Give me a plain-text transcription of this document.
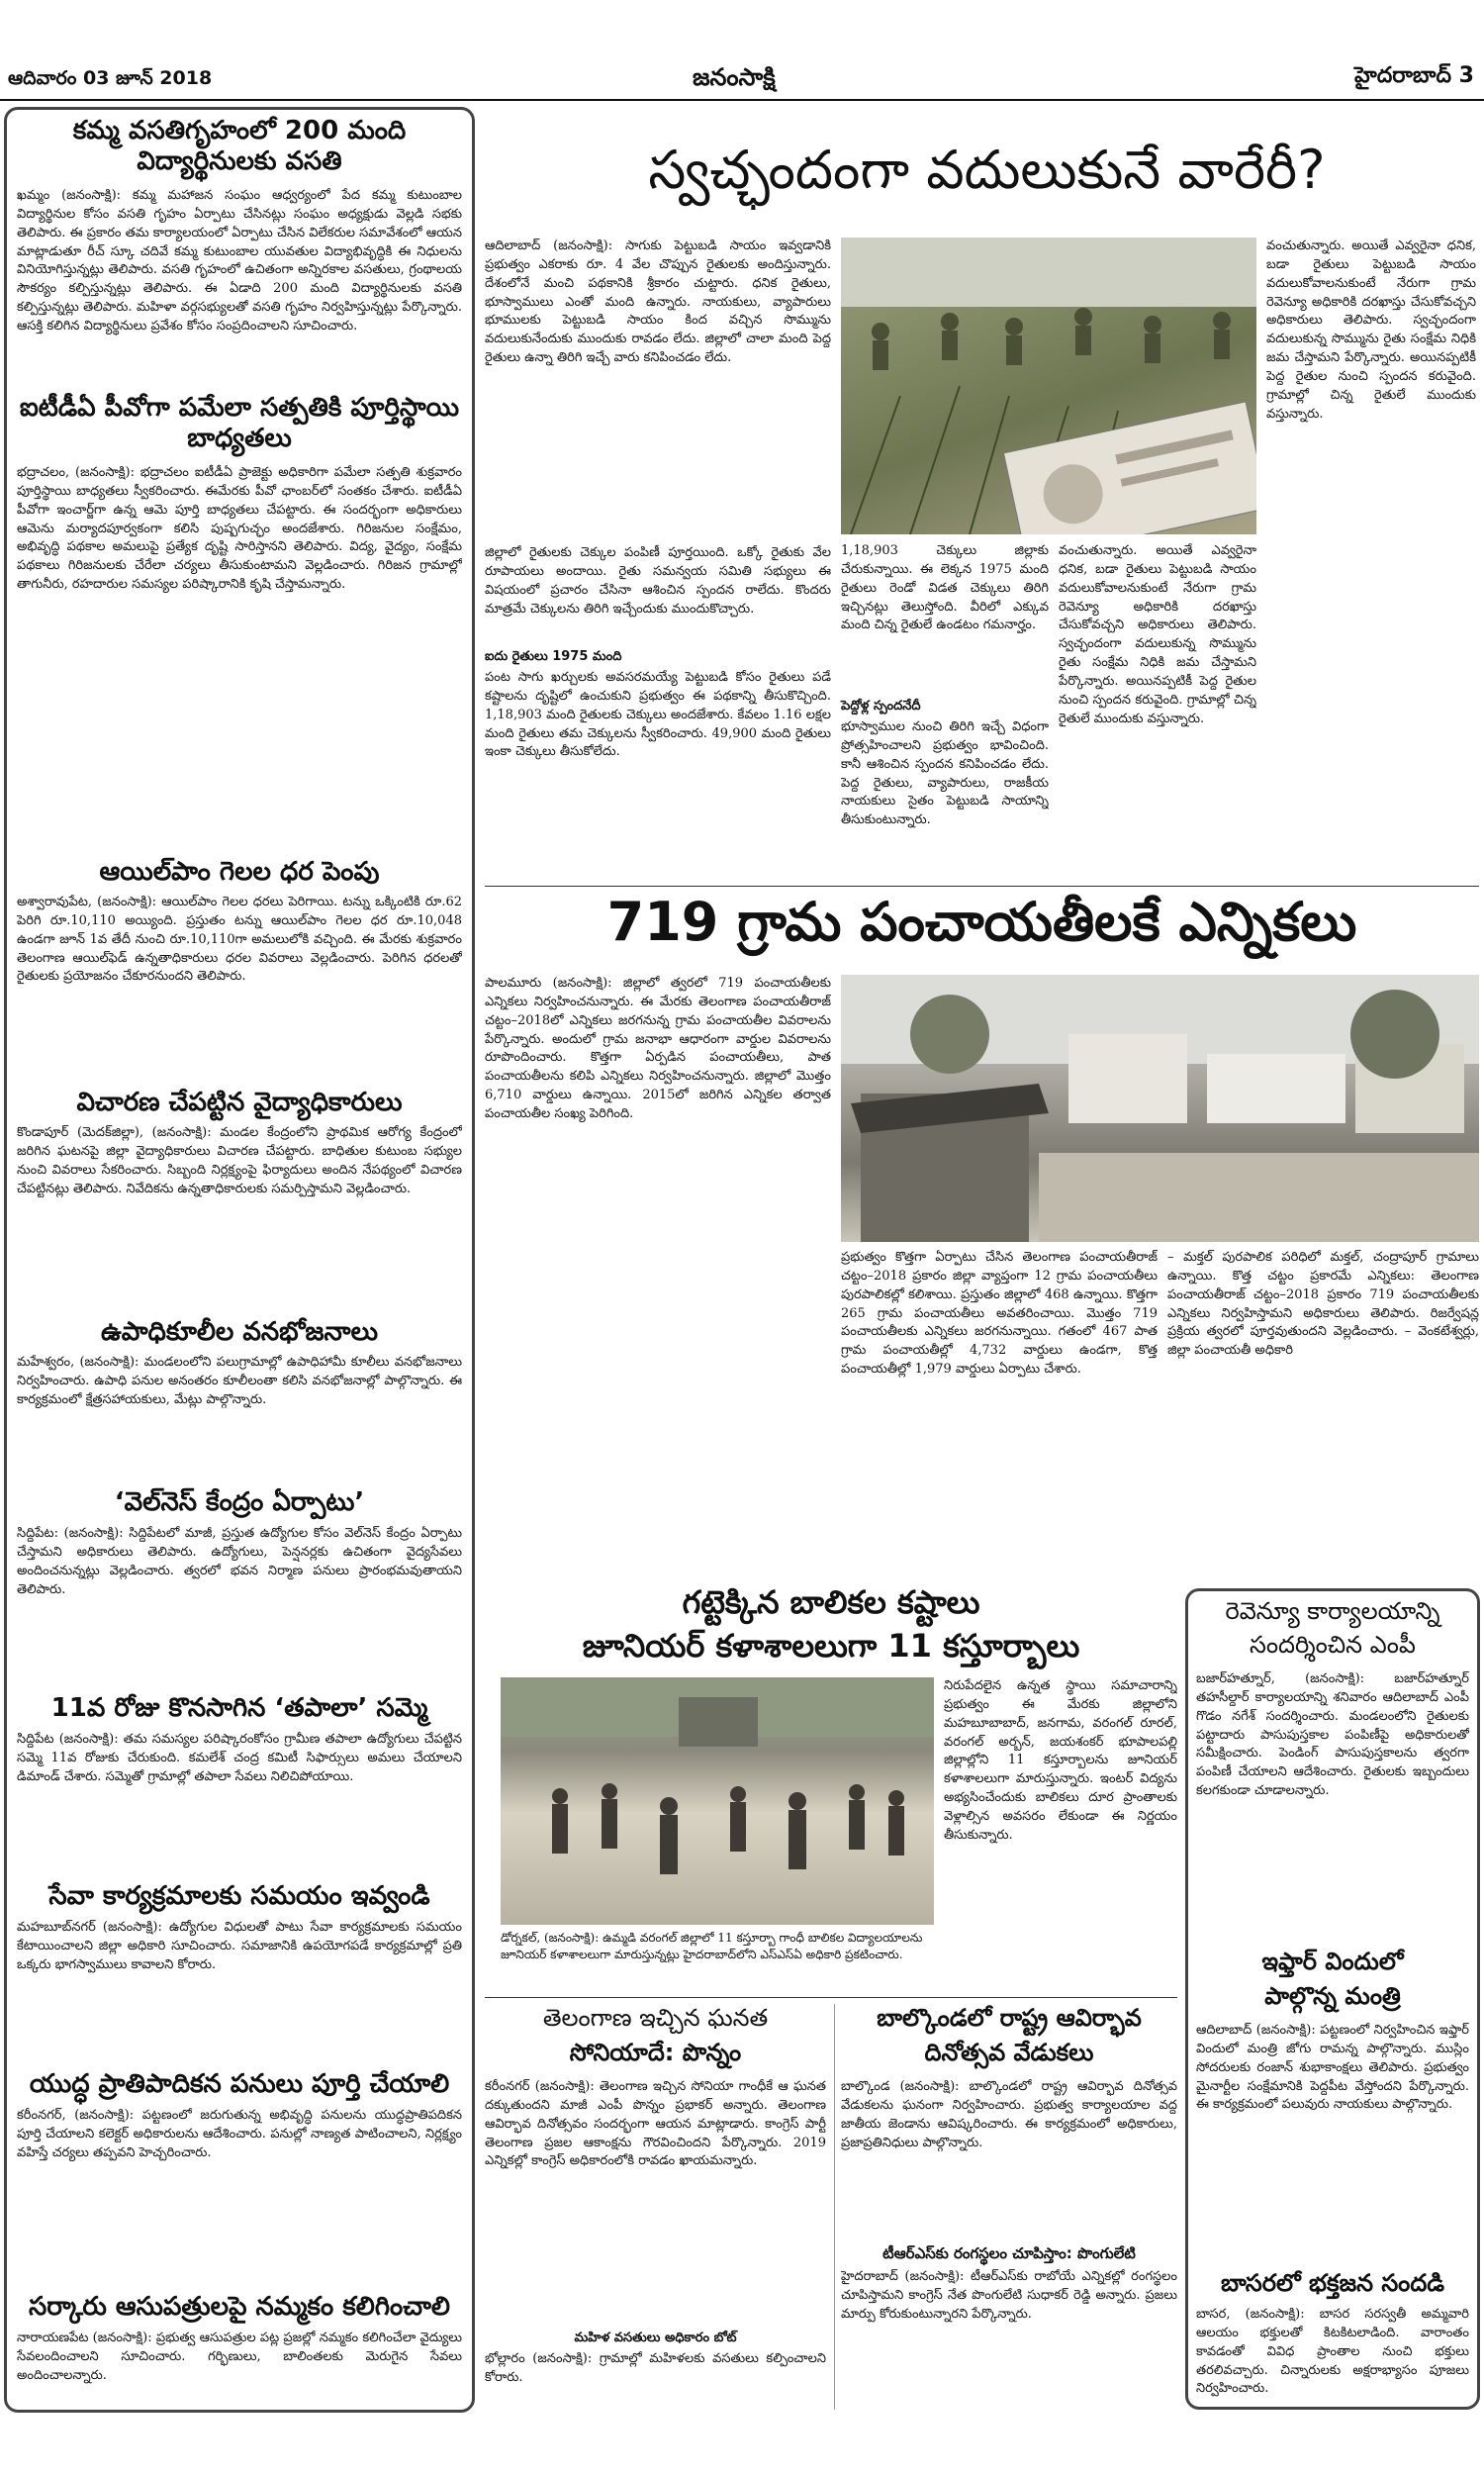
ఆదివారం 03 జూన్ 2018	జనంసాక్షి	హైదరాబాద్ 3
కమ్మ వసతిగృహంలో 200 మంది విద్యార్థినులకు వసతి
ఖమ్మం (జనంసాక్షి): కమ్మ మహాజన సంఘం ఆధ్వర్యంలో పేద కమ్మ కుటుంబాల విద్యార్థినుల కోసం వసతి గృహం ఏర్పాటు చేసినట్లు సంఘం అధ్యక్షుడు వెల్లడి సభకు తెలిపారు. ఈ ప్రకారం తమ కార్యాలయంలో ఏర్పాటు చేసిన విలేకరుల సమావేశంలో ఆయన మాట్లాడుతూ రీచ్ స్కూ చదివే కమ్మ కుటుంబాల యువతుల విద్యాభివృద్ధికి ఈ నిధులను వినియోగిస్తున్నట్లు తెలిపారు. వసతి గృహంలో ఉచితంగా అన్నిరకాల వసతులు, గ్రంథాలయ సౌకర్యం కల్పిస్తున్నట్లు తెలిపారు. ఈ ఏడాది 200 మంది విద్యార్థినులకు వసతి కల్పిస్తున్నట్లు తెలిపారు. మహిళా వర్గసభ్యులతో వసతి గృహం నిర్వహిస్తున్నట్లు పేర్కొన్నారు. ఆసక్తి కలిగిన విద్యార్థినులు ప్రవేశం కోసం సంప్రదించాలని సూచించారు.
ఐటీడీఏ పీవోగా పమేలా సత్పతికి పూర్తిస్థాయి బాధ్యతలు
భద్రాచలం, (జనంసాక్షి): భద్రాచలం ఐటీడీఏ ప్రాజెక్టు అధికారిగా పమేలా సత్పతి శుక్రవారం పూర్తిస్థాయి బాధ్యతలు స్వీకరించారు. ఈమేరకు పీవో ఛాంబర్‌లో సంతకం చేశారు. ఐటీడీఏ పీవోగా ఇంచార్జ్‌గా ఉన్న ఆమె పూర్తి బాధ్యతలు చేపట్టారు. ఈ సందర్భంగా అధికారులు ఆమెను మర్యాదపూర్వకంగా కలిసి పుష్పగుచ్ఛం అందజేశారు. గిరిజనుల సంక్షేమం, అభివృద్ధి పథకాల అమలుపై ప్రత్యేక దృష్టి సారిస్తానని తెలిపారు. విద్య, వైద్యం, సంక్షేమ పథకాలు గిరిజనులకు చేరేలా చర్యలు తీసుకుంటామని వెల్లడించారు. గిరిజన గ్రామాల్లో తాగునీరు, రహదారుల సమస్యల పరిష్కారానికి కృషి చేస్తామన్నారు.
ఆయిల్‌పాం గెలల ధర పెంపు
అశ్వారావుపేట, (జనంసాక్షి): ఆయిల్‌పాం గెలల ధరలు పెరిగాయి. టన్ను ఒక్కింటికి రూ.62 పెరిగి రూ.10,110 అయ్యింది. ప్రస్తుతం టన్ను ఆయిల్‌పాం గెలల ధర రూ.10,048 ఉండగా జూన్ 1వ తేదీ నుంచి రూ.10,110గా అమలులోకి వచ్చింది. ఈ మేరకు శుక్రవారం తెలంగాణ ఆయిల్‌ఫెడ్ ఉన్నతాధికారులు ధరల వివరాలు వెల్లడించారు. పెరిగిన ధరలతో రైతులకు ప్రయోజనం చేకూరనుందని తెలిపారు.
విచారణ చేపట్టిన వైద్యాధికారులు
కొండాపూర్ (మెదక్‌జిల్లా), (జనంసాక్షి): మండల కేంద్రంలోని ప్రాథమిక ఆరోగ్య కేంద్రంలో జరిగిన ఘటనపై జిల్లా వైద్యాధికారులు విచారణ చేపట్టారు. బాధితుల కుటుంబ సభ్యుల నుంచి వివరాలు సేకరించారు. సిబ్బంది నిర్లక్ష్యంపై ఫిర్యాదులు అందిన నేపథ్యంలో విచారణ చేపట్టినట్లు తెలిపారు. నివేదికను ఉన్నతాధికారులకు సమర్పిస్తామని వెల్లడించారు.
ఉపాధికూలీల వనభోజనాలు
మహేశ్వరం, (జనంసాక్షి): మండలంలోని పలుగ్రామాల్లో ఉపాధిహామీ కూలీలు వనభోజనాలు నిర్వహించారు. ఉపాధి పనుల అనంతరం కూలీలంతా కలిసి వనభోజనాల్లో పాల్గొన్నారు. ఈ కార్యక్రమంలో క్షేత్రసహాయకులు, మేట్లు పాల్గొన్నారు.
‘వెల్‌నెస్ కేంద్రం ఏర్పాటు’
సిద్దిపేట: (జనంసాక్షి): సిద్దిపేటలో మాజీ, ప్రస్తుత ఉద్యోగుల కోసం వెల్‌నెస్ కేంద్రం ఏర్పాటు చేస్తామని అధికారులు తెలిపారు. ఉద్యోగులు, పెన్షనర్లకు ఉచితంగా వైద్యసేవలు అందించనున్నట్లు వెల్లడించారు. త్వరలో భవన నిర్మాణ పనులు ప్రారంభమవుతాయని తెలిపారు.
11వ రోజు కొనసాగిన ‘తపాలా’ సమ్మె
సిద్దిపేట (జనంసాక్షి): తమ సమస్యల పరిష్కారంకోసం గ్రామీణ తపాలా ఉద్యోగులు చేపట్టిన సమ్మె 11వ రోజుకు చేరుకుంది. కమలేశ్ చంద్ర కమిటీ సిఫార్సులు అమలు చేయాలని డిమాండ్ చేశారు. సమ్మెతో గ్రామాల్లో తపాలా సేవలు నిలిచిపోయాయి.
సేవా కార్యక్రమాలకు సమయం ఇవ్వండి
మహబూబ్‌నగర్ (జనంసాక్షి): ఉద్యోగుల విధులతో పాటు సేవా కార్యక్రమాలకు సమయం కేటాయించాలని జిల్లా అధికారి సూచించారు. సమాజానికి ఉపయోగపడే కార్యక్రమాల్లో ప్రతి ఒక్కరు భాగస్వాములు కావాలని కోరారు.
యుద్ధ ప్రాతిపాదికన పనులు పూర్తి చేయాలి
కరీంనగర్, (జనంసాక్షి): పట్టణంలో జరుగుతున్న అభివృద్ధి పనులను యుద్ధప్రాతిపదికన పూర్తి చేయాలని కలెక్టర్ అధికారులను ఆదేశించారు. పనుల్లో నాణ్యత పాటించాలని, నిర్లక్ష్యం వహిస్తే చర్యలు తప్పవని హెచ్చరించారు.
సర్కారు ఆసుపత్రులపై నమ్మకం కలిగించాలి
నారాయణపేట (జనంసాక్షి): ప్రభుత్వ ఆసుపత్రుల పట్ల ప్రజల్లో నమ్మకం కలిగించేలా వైద్యులు సేవలందించాలని సూచించారు. గర్భిణులు, బాలింతలకు మెరుగైన సేవలు అందించాలన్నారు.
స్వచ్ఛందంగా వదులుకునే వారేరీ?
ఆదిలాబాద్ (జనంసాక్షి): సాగుకు పెట్టుబడి సాయం ఇవ్వడానికి ప్రభుత్వం ఎకరాకు రూ. 4 వేల చొప్పున రైతులకు అందిస్తున్నారు. దేశంలోనే మంచి పథకానికి శ్రీకారం చుట్టారు. ధనిక రైతులు, భూస్వాములు ఎంతో మంది ఉన్నారు. నాయకులు, వ్యాపారులు భూములకు పెట్టుబడి సాయం కింద వచ్చిన సొమ్మును వదులుకునేందుకు ముందుకు రావడం లేదు. జిల్లాలో చాలా మంది పెద్ద రైతులు ఉన్నా తిరిగి ఇచ్చే వారు కనిపించడం లేదు.
జిల్లాలో రైతులకు చెక్కుల పంపిణీ పూర్తయింది. ఒక్కో రైతుకు వేల రూపాయలు అందాయి. రైతు సమన్వయ సమితి సభ్యులు ఈ విషయంలో ప్రచారం చేసినా ఆశించిన స్పందన రాలేదు. కొందరు మాత్రమే చెక్కులను తిరిగి ఇచ్చేందుకు ముందుకొచ్చారు.
ఐదు రైతులు 1975 మంది
పంట సాగు ఖర్చులకు అవసరమయ్యే పెట్టుబడి కోసం రైతులు పడే కష్టాలను దృష్టిలో ఉంచుకుని ప్రభుత్వం ఈ పథకాన్ని తీసుకొచ్చింది. 1,18,903 మంది రైతులకు చెక్కులు అందజేశారు. కేవలం 1.16 లక్షల మంది రైతులు తమ చెక్కులను స్వీకరించారు. 49,900 మంది రైతులు ఇంకా చెక్కులు తీసుకోలేదు.
1,18,903 చెక్కులు జిల్లాకు చేరుకున్నాయి. ఈ లెక్కన 1975 మంది రైతులు రెండో విడత చెక్కులు తిరిగి ఇచ్చినట్లు తెలుస్తోంది. వీరిలో ఎక్కువ మంది చిన్న రైతులే ఉండటం గమనార్హం.
పెద్దోళ్ల స్పందనేదీ
భూస్వాముల నుంచి తిరిగి ఇచ్చే విధంగా ప్రోత్సహించాలని ప్రభుత్వం భావించింది. కానీ ఆశించిన స్పందన కనిపించడం లేదు. పెద్ద రైతులు, వ్యాపారులు, రాజకీయ నాయకులు సైతం పెట్టుబడి సాయాన్ని తీసుకుంటున్నారు.
వంచుతున్నారు. అయితే ఎవ్వరైనా ధనిక, బడా రైతులు పెట్టుబడి సాయం వదులుకోవాలనుకుంటే నేరుగా గ్రామ రెవెన్యూ అధికారికి దరఖాస్తు చేసుకోవచ్చని అధికారులు తెలిపారు. స్వచ్ఛందంగా వదులుకున్న సొమ్మును రైతు సంక్షేమ నిధికి జమ చేస్తామని పేర్కొన్నారు. అయినప్పటికీ పెద్ద రైతుల నుంచి స్పందన కరువైంది. గ్రామాల్లో చిన్న రైతులే ముందుకు వస్తున్నారు.
వంచుతున్నారు. అయితే ఎవ్వరైనా ధనిక, బడా రైతులు పెట్టుబడి సాయం వదులుకోవాలనుకుంటే నేరుగా గ్రామ రెవెన్యూ అధికారికి దరఖాస్తు చేసుకోవచ్చని అధికారులు తెలిపారు. స్వచ్ఛందంగా వదులుకున్న సొమ్మును రైతు సంక్షేమ నిధికి జమ చేస్తామని పేర్కొన్నారు. అయినప్పటికీ పెద్ద రైతుల నుంచి స్పందన కరువైంది. గ్రామాల్లో చిన్న రైతులే ముందుకు వస్తున్నారు.
719 గ్రామ పంచాయతీలకే ఎన్నికలు
పాలమూరు (జనంసాక్షి): జిల్లాలో త్వరలో 719 పంచాయతీలకు ఎన్నికలు నిర్వహించనున్నారు. ఈ మేరకు తెలంగాణ పంచాయతీరాజ్ చట్టం–2018లో ఎన్నికలు జరగనున్న గ్రామ పంచాయతీల వివరాలను పేర్కొన్నారు. అందులో గ్రామ జనాభా ఆధారంగా వార్డుల వివరాలను రూపొందించారు. కొత్తగా ఏర్పడిన పంచాయతీలు, పాత పంచాయతీలను కలిపి ఎన్నికలు నిర్వహించనున్నారు. జిల్లాలో మొత్తం 6,710 వార్డులు ఉన్నాయి. 2015లో జరిగిన ఎన్నికల తర్వాత పంచాయతీల సంఖ్య పెరిగింది.
ప్రభుత్వం కొత్తగా ఏర్పాటు చేసిన తెలంగాణ పంచాయతీరాజ్ చట్టం–2018 ప్రకారం జిల్లా వ్యాప్తంగా 12 గ్రామ పంచాయతీలు పురపాలికల్లో కలిశాయి. ప్రస్తుతం జిల్లాలో 468 ఉన్నాయి. కొత్తగా 265 గ్రామ పంచాయతీలు అవతరించాయి. మొత్తం 719 పంచాయతీలకు ఎన్నికలు జరగనున్నాయి. గతంలో 467 పాత గ్రామ పంచాయతీల్లో 4,732 వార్డులు ఉండగా, కొత్త పంచాయతీల్లో 1,979 వార్డులు ఏర్పాటు చేశారు.
– మక్తల్ పురపాలిక పరిధిలో మక్తల్, చంద్రాపూర్ గ్రామాలు ఉన్నాయి. కొత్త చట్టం ప్రకారమే ఎన్నికలు: తెలంగాణ పంచాయతీరాజ్ చట్టం–2018 ప్రకారం 719 పంచాయతీలకు ఎన్నికలు నిర్వహిస్తామని అధికారులు తెలిపారు. రిజర్వేషన్ల ప్రక్రియ త్వరలో పూర్తవుతుందని వెల్లడించారు. – వెంకటేశ్వర్లు, జిల్లా పంచాయతీ అధికారి
గట్టెక్కిన బాలికల కష్టాలు
జూనియర్ కళాశాలలుగా 11 కస్తూర్బాలు
డోర్నకల్, (జనంసాక్షి): ఉమ్మడి వరంగల్ జిల్లాలో 11 కస్తూర్బా గాంధీ బాలికల విద్యాలయాలను జూనియర్ కళాశాలలుగా మారుస్తున్నట్లు హైదరాబాద్‌లోని ఎస్ఎస్ఏ అధికారి ప్రకటించారు.
నిరుపేదలైన ఉన్నత స్థాయి సమాచారాన్ని ప్రభుత్వం ఈ మేరకు జిల్లాలోని మహబూబాబాద్, జనగామ, వరంగల్ రూరల్, వరంగల్ అర్బన్, జయశంకర్ భూపాలపల్లి జిల్లాల్లోని 11 కస్తూర్బాలను జూనియర్ కళాశాలలుగా మారుస్తున్నారు. ఇంటర్ విద్యను అభ్యసించేందుకు బాలికలు దూర ప్రాంతాలకు వెళ్లాల్సిన అవసరం లేకుండా ఈ నిర్ణయం తీసుకున్నారు.
తెలంగాణ ఇచ్చిన ఘనత
సోనియాదే: పొన్నం
కరీంనగర్ (జనంసాక్షి): తెలంగాణ ఇచ్చిన సోనియా గాంధీకే ఆ ఘనత దక్కుతుందని మాజీ ఎంపీ పొన్నం ప్రభాకర్ అన్నారు. తెలంగాణ ఆవిర్భావ దినోత్సవం సందర్భంగా ఆయన మాట్లాడారు. కాంగ్రెస్ పార్టీ తెలంగాణ ప్రజల ఆకాంక్షను గౌరవించిందని పేర్కొన్నారు. 2019 ఎన్నికల్లో కాంగ్రెస్ అధికారంలోకి రావడం ఖాయమన్నారు.
మహిళ వసతులు అధికారం బోట్
భోల్లారం (జనంసాక్షి): గ్రామాల్లో మహిళలకు వసతులు కల్పించాలని కోరారు.
బాల్కొండలో రాష్ట్ర ఆవిర్భావ
దినోత్సవ వేడుకలు
బాల్కొండ (జనంసాక్షి): బాల్కొండలో రాష్ట్ర ఆవిర్భావ దినోత్సవ వేడుకలను ఘనంగా నిర్వహించారు. ప్రభుత్వ కార్యాలయాల వద్ద జాతీయ జెండాను ఆవిష్కరించారు. ఈ కార్యక్రమంలో అధికారులు, ప్రజాప్రతినిధులు పాల్గొన్నారు.
టీఆర్ఎస్‌కు రంగస్థలం చూపిస్తాం: పొంగులేటి
హైదరాబాద్ (జనంసాక్షి): టీఆర్ఎస్‌కు రాబోయే ఎన్నికల్లో రంగస్థలం చూపిస్తామని కాంగ్రెస్ నేత పొంగులేటి సుధాకర్ రెడ్డి అన్నారు. ప్రజలు మార్పు కోరుకుంటున్నారని పేర్కొన్నారు.
రెవెన్యూ కార్యాలయాన్ని
సందర్శించిన ఎంపీ
బజార్‌హత్నూర్, (జనంసాక్షి): బజార్‌హత్నూర్ తహసీల్దార్ కార్యాలయాన్ని శనివారం ఆదిలాబాద్ ఎంపీ గొడం నగేశ్ సందర్శించారు. మండలంలోని రైతులకు పట్టాదారు పాసుపుస్తకాల పంపిణీపై అధికారులతో సమీక్షించారు. పెండింగ్ పాసుపుస్తకాలను త్వరగా పంపిణీ చేయాలని ఆదేశించారు. రైతులకు ఇబ్బందులు కలగకుండా చూడాలన్నారు.
ఇఫ్తార్ విందులో
పాల్గొన్న మంత్రి
ఆదిలాబాద్ (జనంసాక్షి): పట్టణంలో నిర్వహించిన ఇఫ్తార్ విందులో మంత్రి జోగు రామన్న పాల్గొన్నారు. ముస్లిం సోదరులకు రంజాన్ శుభాకాంక్షలు తెలిపారు. ప్రభుత్వం మైనార్టీల సంక్షేమానికి పెద్దపీట వేస్తోందని పేర్కొన్నారు. ఈ కార్యక్రమంలో పలువురు నాయకులు పాల్గొన్నారు.
బాసరలో భక్తజన సందడి
బాసర, (జనంసాక్షి): బాసర సరస్వతీ అమ్మవారి ఆలయం భక్తులతో కిటకిటలాడింది. వారాంతం కావడంతో వివిధ ప్రాంతాల నుంచి భక్తులు తరలివచ్చారు. చిన్నారులకు అక్షరాభ్యాసం పూజలు నిర్వహించారు.
